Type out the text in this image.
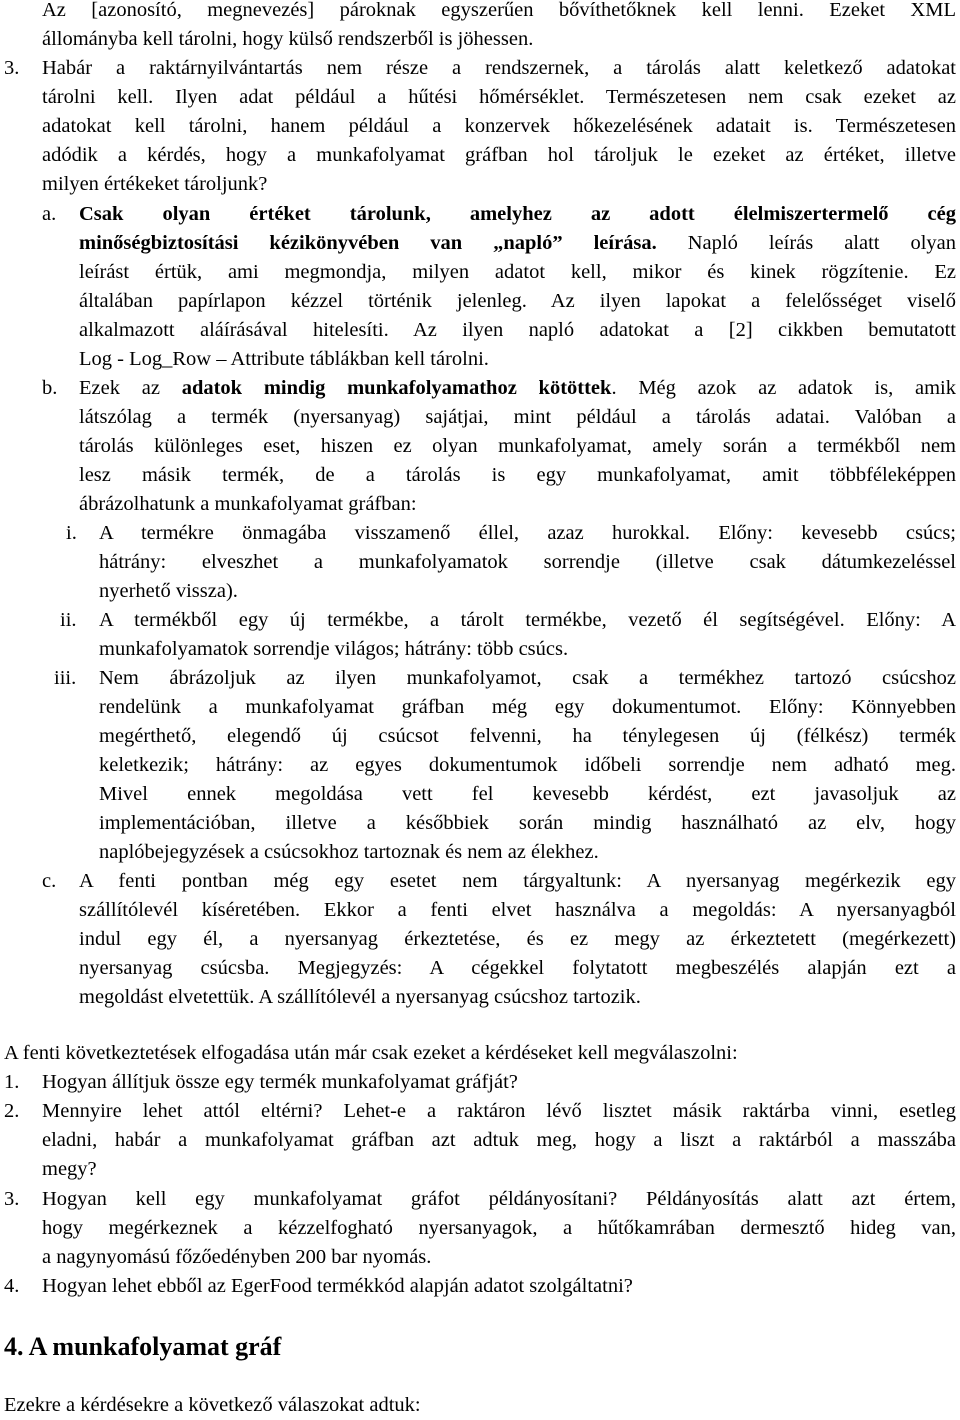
Az [azonosító, megnevezés] pároknak egyszerűen bővíthetőknek kell lenni. Ezeket XML
állományba kell tárolni, hogy külső rendszerből is jöhessen.
3. Habár a raktárnyilvántartás nem része a rendszernek, a tárolás alatt keletkező adatokat
tárolni kell. Ilyen adat például a hűtési hőmérséklet. Természetesen nem csak ezeket az
adatokat kell tárolni, hanem például a konzervek hőkezelésének adatait is. Természetesen
adódik a kérdés, hogy a munkafolyamat gráfban hol tároljuk le ezeket az értéket, illetve
milyen értékeket tároljunk?
a. Csak olyan értéket tárolunk, amelyhez az adott élelmiszertermelő cég
minőségbiztosítási kézikönyvében van „napló” leírása. Napló leírás alatt olyan
leírást értük, ami megmondja, milyen adatot kell, mikor és kinek rögzítenie. Ez
általában papírlapon kézzel történik jelenleg. Az ilyen lapokat a felelősséget viselő
alkalmazott aláírásával hitelesíti. Az ilyen napló adatokat a [2] cikkben bemutatott
Log - Log_Row – Attribute táblákban kell tárolni.
b. Ezek az adatok mindig munkafolyamathoz kötöttek. Még azok az adatok is, amik
látszólag a termék (nyersanyag) sajátjai, mint például a tárolás adatai. Valóban a
tárolás különleges eset, hiszen ez olyan munkafolyamat, amely során a termékből nem
lesz másik termék, de a tárolás is egy munkafolyamat, amit többféleképpen
ábrázolhatunk a munkafolyamat gráfban:
i. A termékre önmagába visszamenő éllel, azaz hurokkal. Előny: kevesebb csúcs;
hátrány: elveszhet a munkafolyamatok sorrendje (illetve csak dátumkezeléssel
nyerhető vissza).
ii. A termékből egy új termékbe, a tárolt termékbe, vezető él segítségével. Előny: A
munkafolyamatok sorrendje világos; hátrány: több csúcs.
iii. Nem ábrázoljuk az ilyen munkafolyamot, csak a termékhez tartozó csúcshoz
rendelünk a munkafolyamat gráfban még egy dokumentumot. Előny: Könnyebben
megérthető, elegendő új csúcsot felvenni, ha ténylegesen új (félkész) termék
keletkezik; hátrány: az egyes dokumentumok időbeli sorrendje nem adható meg.
Mivel ennek megoldása vett fel kevesebb kérdést, ezt javasoljuk az
implementációban, illetve a későbbiek során mindig használható az elv, hogy
naplóbejegyzések a csúcsokhoz tartoznak és nem az élekhez.
c. A fenti pontban még egy esetet nem tárgyaltunk: A nyersanyag megérkezik egy
szállítólevél kíséretében. Ekkor a fenti elvet használva a megoldás: A nyersanyagból
indul egy él, a nyersanyag érkeztetése, és ez megy az érkeztetett (megérkezett)
nyersanyag csúcsba. Megjegyzés: A cégekkel folytatott megbeszélés alapján ezt a
megoldást elvetettük. A szállítólevél a nyersanyag csúcshoz tartozik.
A fenti következtetések elfogadása után már csak ezeket a kérdéseket kell megválaszolni:
1. Hogyan állítjuk össze egy termék munkafolyamat gráfját?
2. Mennyire lehet attól eltérni? Lehet-e a raktáron lévő lisztet másik raktárba vinni, esetleg
eladni, habár a munkafolyamat gráfban azt adtuk meg, hogy a liszt a raktárból a masszába
megy?
3. Hogyan kell egy munkafolyamat gráfot példányosítani? Példányosítás alatt azt értem,
hogy megérkeznek a kézzelfogható nyersanyagok, a hűtőkamrában dermesztő hideg van,
a nagynyomású főzőedényben 200 bar nyomás.
4. Hogyan lehet ebből az EgerFood termékkód alapján adatot szolgáltatni?
4. A munkafolyamat gráf
Ezekre a kérdésekre a következő válaszokat adtuk:
